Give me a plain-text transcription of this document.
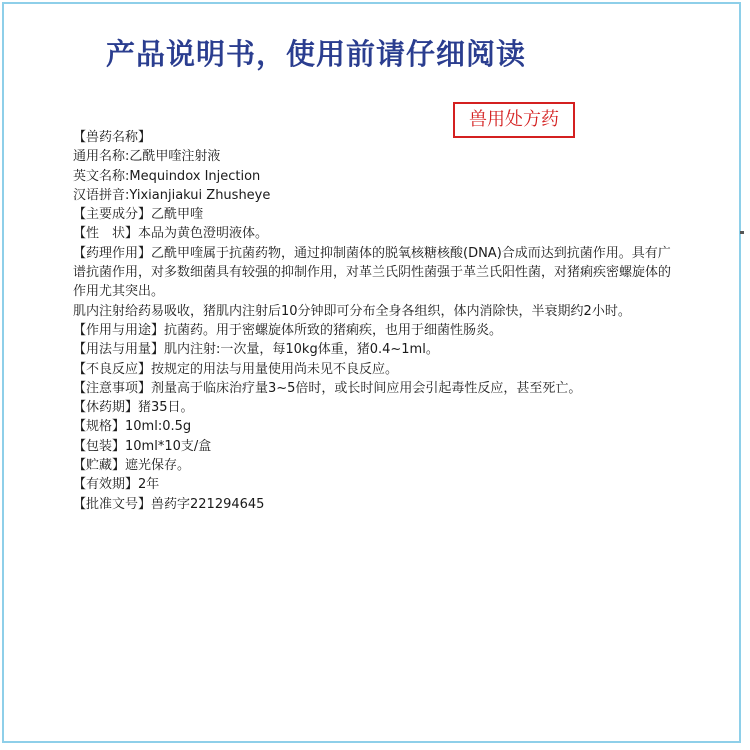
产品说明书，使用前请仔细阅读
兽用处方药
【兽药名称】
通用名称:乙酰甲喹注射液
英文名称:Mequindox Injection
汉语拼音:Yixianjiakui Zhusheye
【主要成分】乙酰甲喹
【性　状】本品为黄色澄明液体。
【药理作用】乙酰甲喹属于抗菌药物，通过抑制菌体的脱氧核糖核酸(DNA)合成而达到抗菌作用。具有广谱抗菌作用，对多数细菌具有较强的抑制作用，对革兰氏阴性菌强于革兰氏阳性菌，对猪痢疾密螺旋体的作用尤其突出。
肌内注射给药易吸收，猪肌内注射后10分钟即可分布全身各组织，体内消除快，半衰期约2小时。
【作用与用途】抗菌药。用于密螺旋体所致的猪痢疾，也用于细菌性肠炎。
【用法与用量】肌内注射:一次量，每10kg体重，猪0.4~1ml。
【不良反应】按规定的用法与用量使用尚未见不良反应。
【注意事项】剂量高于临床治疗量3~5倍时，或长时间应用会引起毒性反应，甚至死亡。
【休药期】猪35日。
【规格】10ml:0.5g
【包装】10ml*10支/盒
【贮藏】遮光保存。
【有效期】2年
【批准文号】兽药字221294645
